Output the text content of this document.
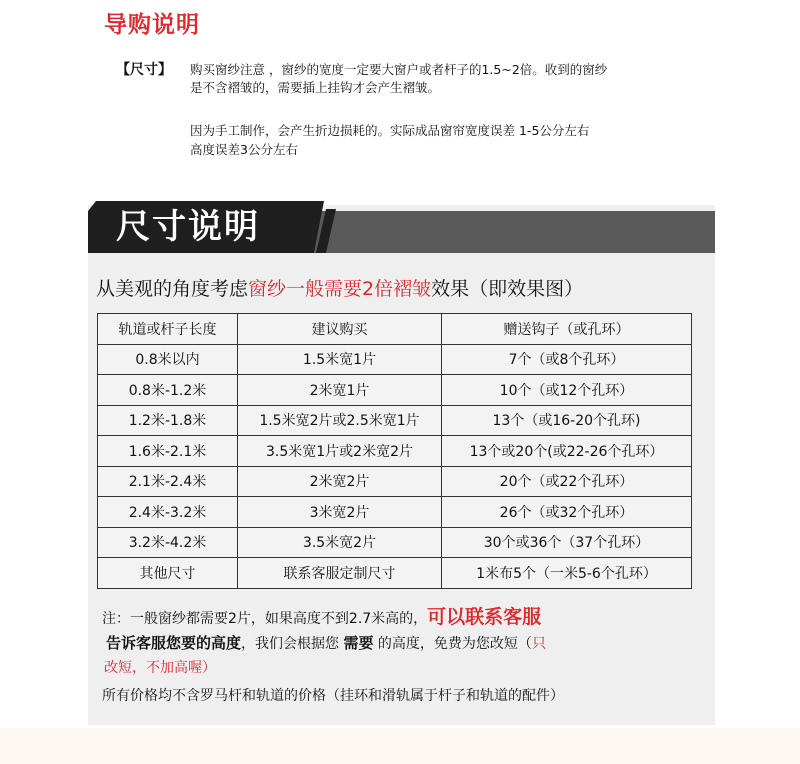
导购说明
【尺寸】 购买窗纱注意 ，窗纱的宽度一定要大窗户或者杆子的1.5~2倍。收到的窗纱
是不含褶皱的，需要插上挂钩才会产生褶皱。
因为手工制作，会产生折边损耗的。实际成品窗帘宽度误差 1-5公分左右
高度误差3公分左右
尺寸说明
从美观的角度考虑窗纱一般需要2倍褶皱效果（即效果图）
轨道或杆子长度	建议购买	赠送钩子（或孔环）
0.8米以内	1.5米宽1片	7个（或8个孔环）
0.8米-1.2米	2米宽1片	10个（或12个孔环）
1.2米-1.8米	1.5米宽2片或2.5米宽1片	13个（或16-20个孔环)
1.6米-2.1米	3.5米宽1片或2米宽2片	13个或20个(或22-26个孔环）
2.1米-2.4米	2米宽2片	20个（或22个孔环）
2.4米-3.2米	3米宽2片	26个（或32个孔环）
3.2米-4.2米	3.5米宽2片	30个或36个（37个孔环）
其他尺寸	联系客服定制尺寸	1米布5个（一米5-6个孔环）
注：一般窗纱都需要2片，如果高度不到2.7米高的，可以联系客服
告诉客服您要的高度，我们会根据您 需要 的高度，免费为您改短（只
改短，不加高喔）
所有价格均不含罗马杆和轨道的价格（挂环和滑轨属于杆子和轨道的配件）
